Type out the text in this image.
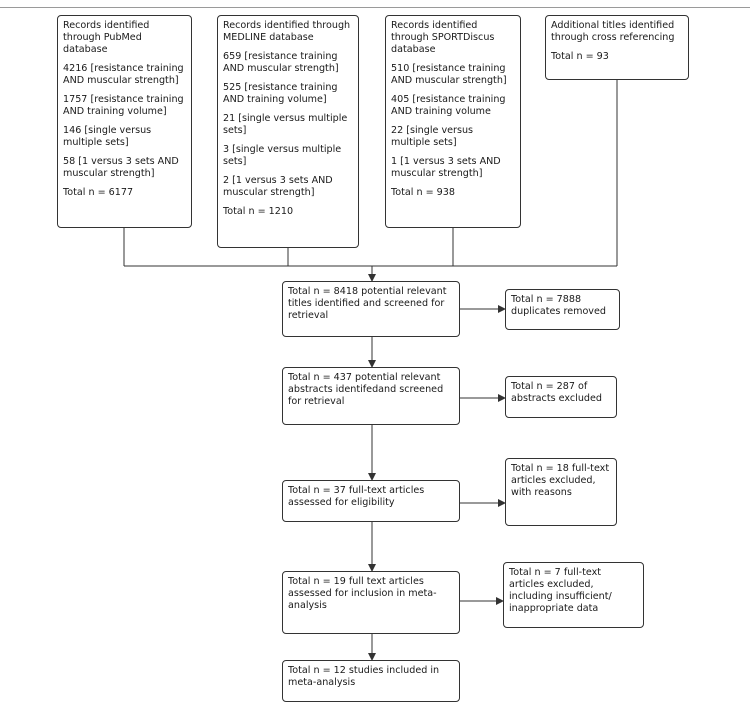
Records identified through PubMed database

4216 [resistance training AND muscular strength]

1757 [resistance training AND training volume]

146 [single versus multiple sets]

58 [1 versus 3 sets AND muscular strength]

Total n = 6177

Records identified through MEDLINE database

659 [resistance training AND muscular strength]

525 [resistance training AND training volume]

21 [single versus multiple sets]

3 [single versus multiple sets]

2 [1 versus 3 sets AND muscular strength]

Total n = 1210

Records identified through SPORTDiscus database

510 [resistance training AND muscular strength]

405 [resistance training AND training volume

22 [single versus multiple sets]

1 [1 versus 3 sets AND muscular strength]

Total n = 938

Additional titles identified through cross referencing

Total n = 93

Total n = 8418 potential relevant titles identified and screened for retrieval

Total n = 437 potential relevant abstracts identifedand screened for retrieval

Total n = 37 full-text articles assessed for eligibility

Total n = 19 full text articles assessed for inclusion in meta-analysis

Total n = 12 studies included in meta-analysis

Total n = 7888 duplicates removed

Total n = 287 of abstracts excluded

Total n = 18 full-text articles excluded, with reasons

Total n = 7 full-text articles excluded, including insufficient/ inappropriate data
